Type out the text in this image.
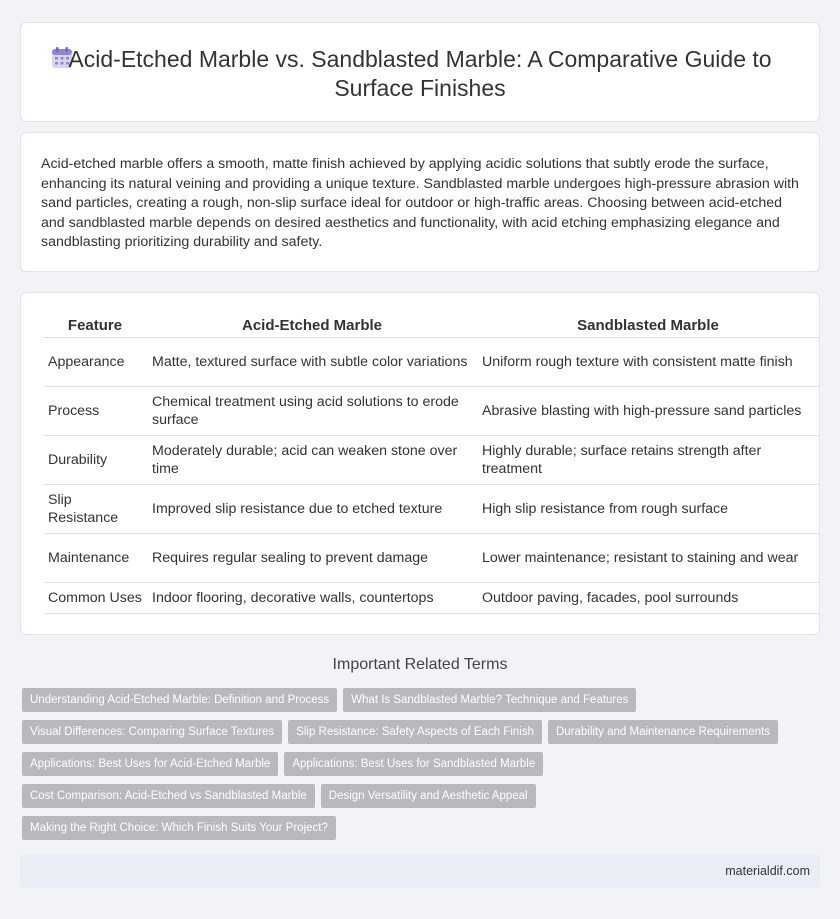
Acid-Etched Marble vs. Sandblasted Marble: A Comparative Guide to Surface Finishes

Acid-etched marble offers a smooth, matte finish achieved by applying acidic solutions that subtly erode the surface, enhancing its natural veining and providing a unique texture. Sandblasted marble undergoes high-pressure abrasion with sand particles, creating a rough, non-slip surface ideal for outdoor or high-traffic areas. Choosing between acid-etched and sandblasted marble depends on desired aesthetics and functionality, with acid etching emphasizing elegance and sandblasting prioritizing durability and safety.

Feature	Acid-Etched Marble	Sandblasted Marble
Appearance	Matte, textured surface with subtle color variations	Uniform rough texture with consistent matte finish
Process	Chemical treatment using acid solutions to erode surface	Abrasive blasting with high-pressure sand particles
Durability	Moderately durable; acid can weaken stone over time	Highly durable; surface retains strength after treatment
Slip Resistance	Improved slip resistance due to etched texture	High slip resistance from rough surface
Maintenance	Requires regular sealing to prevent damage	Lower maintenance; resistant to staining and wear
Common Uses	Indoor flooring, decorative walls, countertops	Outdoor paving, facades, pool surrounds
Important Related Terms
Understanding Acid-Etched Marble: Definition and Process	What Is Sandblasted Marble? Technique and Features
Visual Differences: Comparing Surface Textures	Slip Resistance: Safety Aspects of Each Finish	Durability and Maintenance Requirements
Applications: Best Uses for Acid-Etched Marble	Applications: Best Uses for Sandblasted Marble
Cost Comparison: Acid-Etched vs Sandblasted Marble	Design Versatility and Aesthetic Appeal
Making the Right Choice: Which Finish Suits Your Project?
materialdif.com
